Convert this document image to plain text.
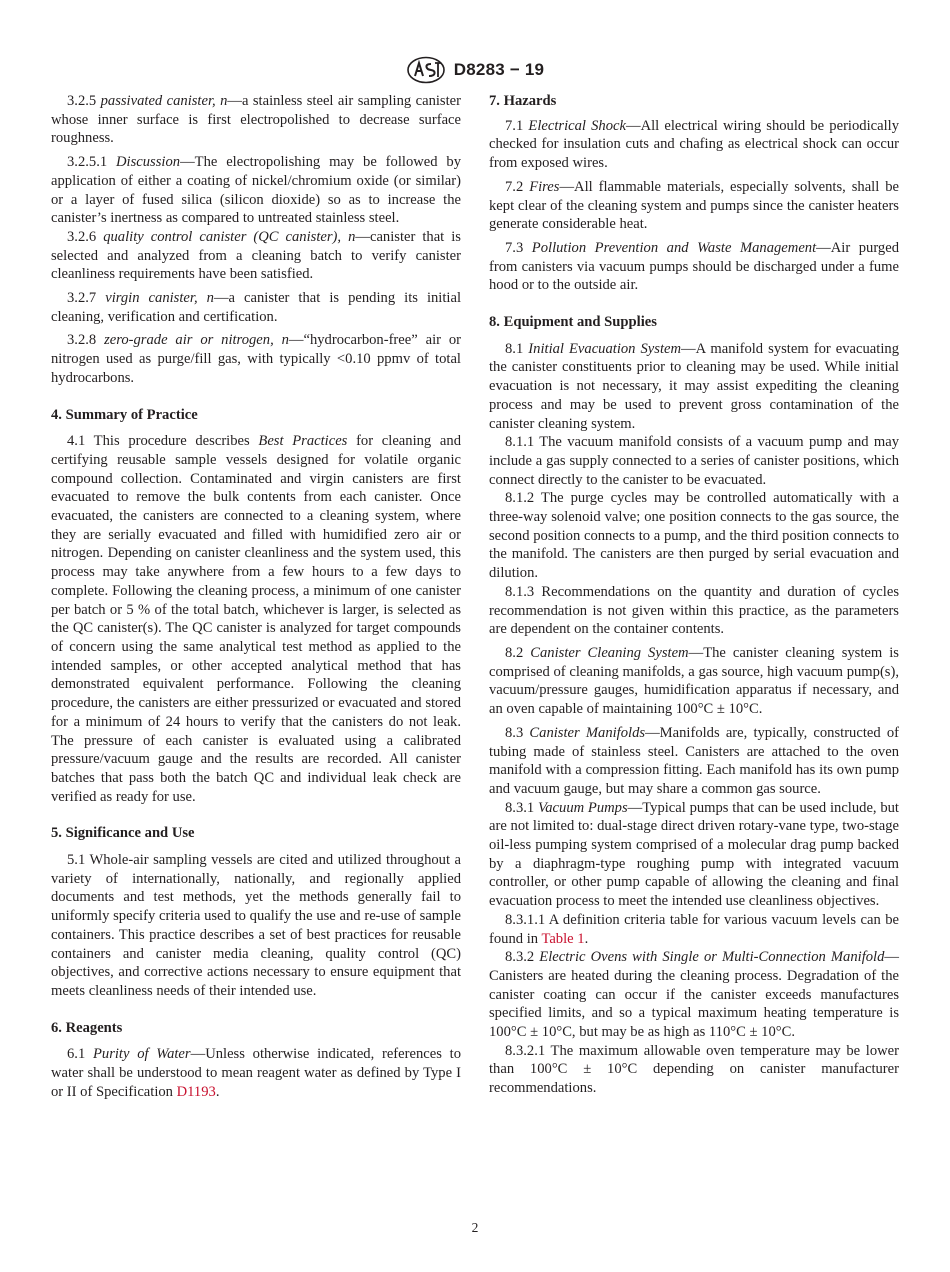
D8283 − 19

3.2.5 passivated canister, n—a stainless steel air sampling canister whose inner surface is first electropolished to decrease surface roughness.

3.2.5.1 Discussion—The electropolishing may be followed by application of either a coating of nickel/chromium oxide (or similar) or a layer of fused silica (silicon dioxide) so as to increase the canister’s inertness as compared to untreated stainless steel.

3.2.6 quality control canister (QC canister), n—canister that is selected and analyzed from a cleaning batch to verify canister cleanliness requirements have been satisfied.

3.2.7 virgin canister, n—a canister that is pending its initial cleaning, verification and certification.

3.2.8 zero-grade air or nitrogen, n—“hydrocarbon-free” air or nitrogen used as purge/fill gas, with typically <0.10 ppmv of total hydrocarbons.

4. Summary of Practice

4.1 This procedure describes Best Practices for cleaning and certifying reusable sample vessels designed for volatile organic compound collection. Contaminated and virgin canisters are first evacuated to remove the bulk contents from each canister. Once evacuated, the canisters are connected to a cleaning system, where they are serially evacuated and filled with humidified zero air or nitrogen. Depending on canister cleanliness and the system used, this process may take anywhere from a few hours to a few days to complete. Following the cleaning process, a minimum of one canister per batch or 5 % of the total batch, whichever is larger, is selected as the QC canister(s). The QC canister is analyzed for target compounds of concern using the same analytical test method as applied to the intended samples, or other accepted analytical method that has demonstrated equivalent performance. Following the cleaning procedure, the canisters are either pressurized or evacuated and stored for a minimum of 24 hours to verify that the canisters do not leak. The pressure of each canister is evaluated using a calibrated pressure/vacuum gauge and the results are recorded. All canister batches that pass both the batch QC and individual leak check are verified as ready for use.

5. Significance and Use

5.1 Whole-air sampling vessels are cited and utilized throughout a variety of internationally, nationally, and regionally applied documents and test methods, yet the methods generally fail to uniformly specify criteria used to qualify the use and re-use of sample containers. This practice describes a set of best practices for reusable containers and canister media cleaning, quality control (QC) objectives, and corrective actions necessary to ensure equipment that meets cleanliness needs of their intended use.

6. Reagents

6.1 Purity of Water—Unless otherwise indicated, references to water shall be understood to mean reagent water as defined by Type I or II of Specification D1193.

7. Hazards

7.1 Electrical Shock—All electrical wiring should be periodically checked for insulation cuts and chafing as electrical shock can occur from exposed wires.

7.2 Fires—All flammable materials, especially solvents, shall be kept clear of the cleaning system and pumps since the canister heaters generate considerable heat.

7.3 Pollution Prevention and Waste Management—Air purged from canisters via vacuum pumps should be discharged under a fume hood or to the outside air.

8. Equipment and Supplies

8.1 Initial Evacuation System—A manifold system for evacuating the canister constituents prior to cleaning may be used. While initial evacuation is not necessary, it may assist expediting the cleaning process and may be used to prevent gross contamination of the canister cleaning system.

8.1.1 The vacuum manifold consists of a vacuum pump and may include a gas supply connected to a series of canister positions, which connect directly to the canister to be evacuated.

8.1.2 The purge cycles may be controlled automatically with a three-way solenoid valve; one position connects to the gas source, the second position connects to a pump, and the third position connects to the manifold. The canisters are then purged by serial evacuation and dilution.

8.1.3 Recommendations on the quantity and duration of cycles recommendation is not given within this practice, as the parameters are dependent on the container contents.

8.2 Canister Cleaning System—The canister cleaning system is comprised of cleaning manifolds, a gas source, high vacuum pump(s), vacuum/pressure gauges, humidification apparatus if necessary, and an oven capable of maintaining 100°C ± 10°C.

8.3 Canister Manifolds—Manifolds are, typically, constructed of tubing made of stainless steel. Canisters are attached to the oven manifold with a compression fitting. Each manifold has its own pump and vacuum gauge, but may share a common gas source.

8.3.1 Vacuum Pumps—Typical pumps that can be used include, but are not limited to: dual-stage direct driven rotary-vane type, two-stage oil-less pumping system comprised of a molecular drag pump backed by a diaphragm-type roughing pump with integrated vacuum controller, or other pump capable of allowing the cleaning and final evacuation process to meet the intended use cleanliness objectives.

8.3.1.1 A definition criteria table for various vacuum levels can be found in Table 1.

8.3.2 Electric Ovens with Single or Multi-Connection Manifold—Canisters are heated during the cleaning process. Degradation of the canister coating can occur if the canister exceeds manufactures specified limits, and so a typical maximum heating temperature is 100°C ± 10°C, but may be as high as 110°C ± 10°C.

8.3.2.1 The maximum allowable oven temperature may be lower than 100°C ± 10°C depending on canister manufacturer recommendations.

2
